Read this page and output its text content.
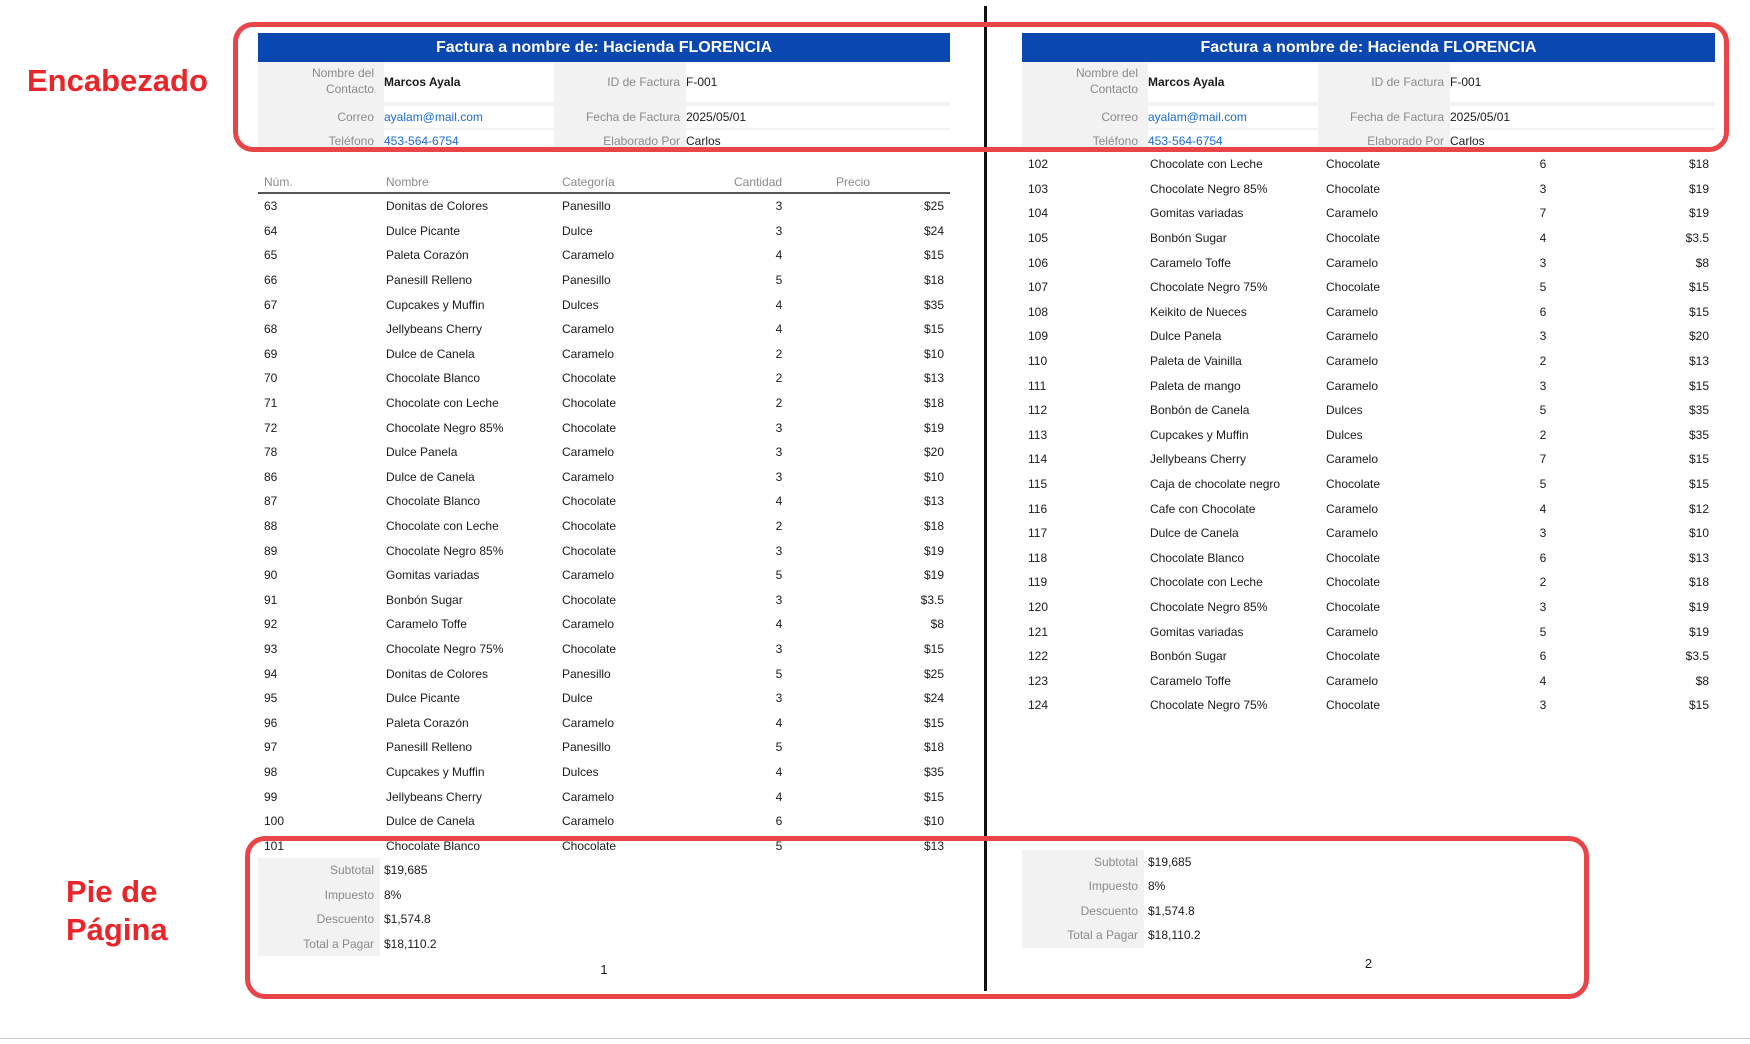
Encabezado
Pie de
Página
Factura a nombre de: Hacienda FLORENCIA
Nombre del
Contacto Marcos Ayala	ID de Factura F-001
Correo ayalam@mail.com	Fecha de Factura 2025/05/01
Teléfono 453-564-6754	Elaborado Por Carlos
Núm.	Nombre	Categoría	Cantidad	Precio
63	Donitas de Colores	Panesillo	3	$25
64	Dulce Picante	Dulce	3	$24
65	Paleta Corazón	Caramelo	4	$15
66	Panesill Relleno	Panesillo	5	$18
67	Cupcakes y Muffin	Dulces	4	$35
68	Jellybeans Cherry	Caramelo	4	$15
69	Dulce de Canela	Caramelo	2	$10
70	Chocolate Blanco	Chocolate	2	$13
71	Chocolate con Leche	Chocolate	2	$18
72	Chocolate Negro 85%	Chocolate	3	$19
78	Dulce Panela	Caramelo	3	$20
86	Dulce de Canela	Caramelo	3	$10
87	Chocolate Blanco	Chocolate	4	$13
88	Chocolate con Leche	Chocolate	2	$18
89	Chocolate Negro 85%	Chocolate	3	$19
90	Gomitas variadas	Caramelo	5	$19
91	Bonbón Sugar	Chocolate	3	$3.5
92	Caramelo Toffe	Caramelo	4	$8
93	Chocolate Negro 75%	Chocolate	3	$15
94	Donitas de Colores	Panesillo	5	$25
95	Dulce Picante	Dulce	3	$24
96	Paleta Corazón	Caramelo	4	$15
97	Panesill Relleno	Panesillo	5	$18
98	Cupcakes y Muffin	Dulces	4	$35
99	Jellybeans Cherry	Caramelo	4	$15
100	Dulce de Canela	Caramelo	6	$10
101	Chocolate Blanco	Chocolate	5	$13
Subtotal $19,685
Impuesto 8%
Descuento $1,574.8
Total a Pagar $18,110.2
1
Factura a nombre de: Hacienda FLORENCIA
Nombre del
Contacto Marcos Ayala	ID de Factura F-001
Correo ayalam@mail.com	Fecha de Factura 2025/05/01
Teléfono 453-564-6754	Elaborado Por Carlos
102	Chocolate con Leche	Chocolate	6	$18
103	Chocolate Negro 85%	Chocolate	3	$19
104	Gomitas variadas	Caramelo	7	$19
105	Bonbón Sugar	Chocolate	4	$3.5
106	Caramelo Toffe	Caramelo	3	$8
107	Chocolate Negro 75%	Chocolate	5	$15
108	Keikito de Nueces	Caramelo	6	$15
109	Dulce Panela	Caramelo	3	$20
110	Paleta de Vainilla	Caramelo	2	$13
111	Paleta de mango	Caramelo	3	$15
112	Bonbón de Canela	Dulces	5	$35
113	Cupcakes y Muffin	Dulces	2	$35
114	Jellybeans Cherry	Caramelo	7	$15
115	Caja de chocolate negro	Chocolate	5	$15
116	Cafe con Chocolate	Caramelo	4	$12
117	Dulce de Canela	Caramelo	3	$10
118	Chocolate Blanco	Chocolate	6	$13
119	Chocolate con Leche	Chocolate	2	$18
120	Chocolate Negro 85%	Chocolate	3	$19
121	Gomitas variadas	Caramelo	5	$19
122	Bonbón Sugar	Chocolate	6	$3.5
123	Caramelo Toffe	Caramelo	4	$8
124	Chocolate Negro 75%	Chocolate	3	$15
Subtotal $19,685
Impuesto 8%
Descuento $1,574.8
Total a Pagar $18,110.2
2
